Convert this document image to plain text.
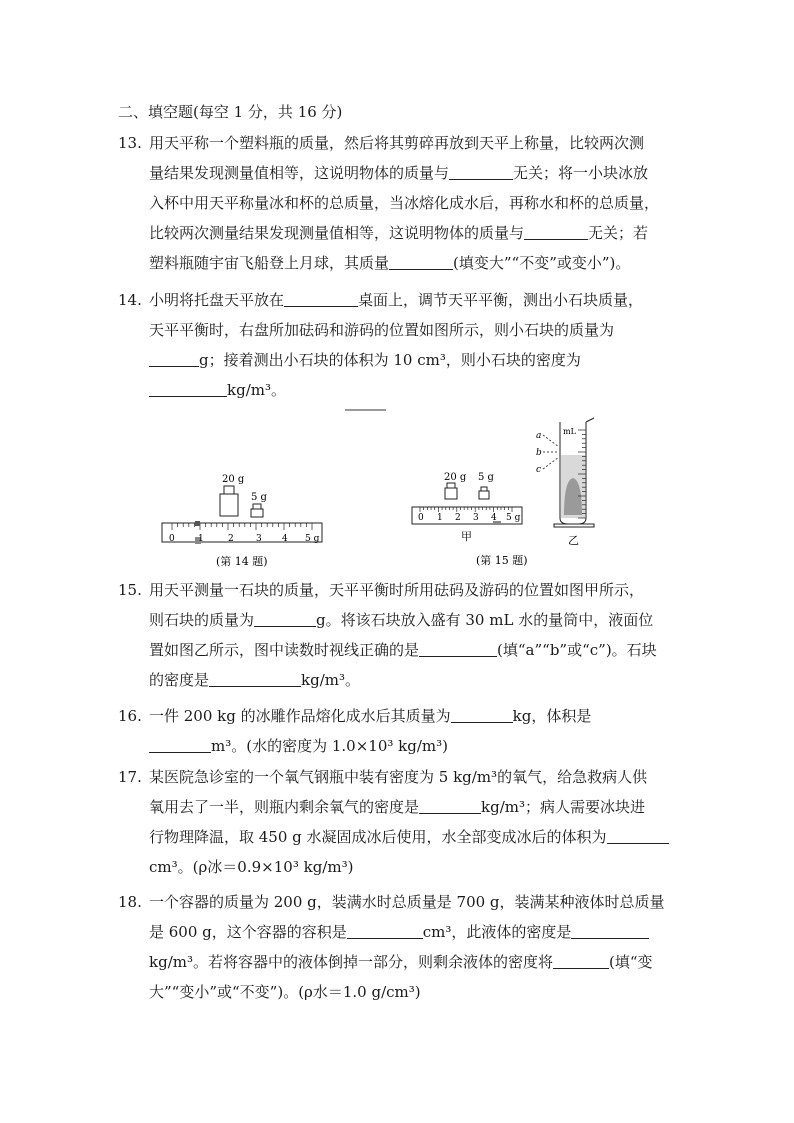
二、填空题(每空 1 分，共 16 分)
13. 用天平称一个塑料瓶的质量，然后将其剪碎再放到天平上称量，比较两次测
量结果发现测量值相等，这说明物体的质量与	无关；将一小块冰放
入杯中用天平称量冰和杯的总质量，当冰熔化成水后，再称水和杯的总质量，
比较两次测量结果发现测量值相等，这说明物体的质量与	无关；若
塑料瓶随宇宙飞船登上月球，其质量	(填变大”“不变”或变小”)。
14. 小明将托盘天平放在	桌面上，调节天平平衡，测出小石块质量，
天平平衡时，右盘所加砝码和游码的位置如图所示，则小石块的质量为
g；接着测出小石块的体积为 10 cm³，则小石块的密度为
kg/m³。
20 g
5 g
0	1	2 3 4 5 g
(第 14 题)
20 g 5 g
0 1 2 3 4 5 g
甲
(第 15 题)
mL
a
b
c
乙
15. 用天平测量一石块的质量，天平平衡时所用砝码及游码的位置如图甲所示，
则石块的质量为	g。将该石块放入盛有 30 mL 水的量筒中，液面位
置如图乙所示，图中读数时视线正确的是	(填“a”“b”或“c”)。石块
的密度是	kg/m³。
16. 一件 200 kg 的冰雕作品熔化成水后其质量为	kg，体积是
m³。(水的密度为 1.0×10³ kg/m³)
17. 某医院急诊室的一个氧气钢瓶中装有密度为 5 kg/m³的氧气，给急救病人供
氧用去了一半，则瓶内剩余氧气的密度是	kg/m³；病人需要冰块进
行物理降温，取 450 g 水凝固成冰后使用，水全部变成冰后的体积为
cm³。(ρ冰＝0.9×10³ kg/m³)
18. 一个容器的质量为 200 g，装满水时总质量是 700 g，装满某种液体时总质量
是 600 g，这个容器的容积是	cm³，此液体的密度是
kg/m³。若将容器中的液体倒掉一部分，则剩余液体的密度将	(填“变
大”“变小”或“不变”)。(ρ水＝1.0 g/cm³)
